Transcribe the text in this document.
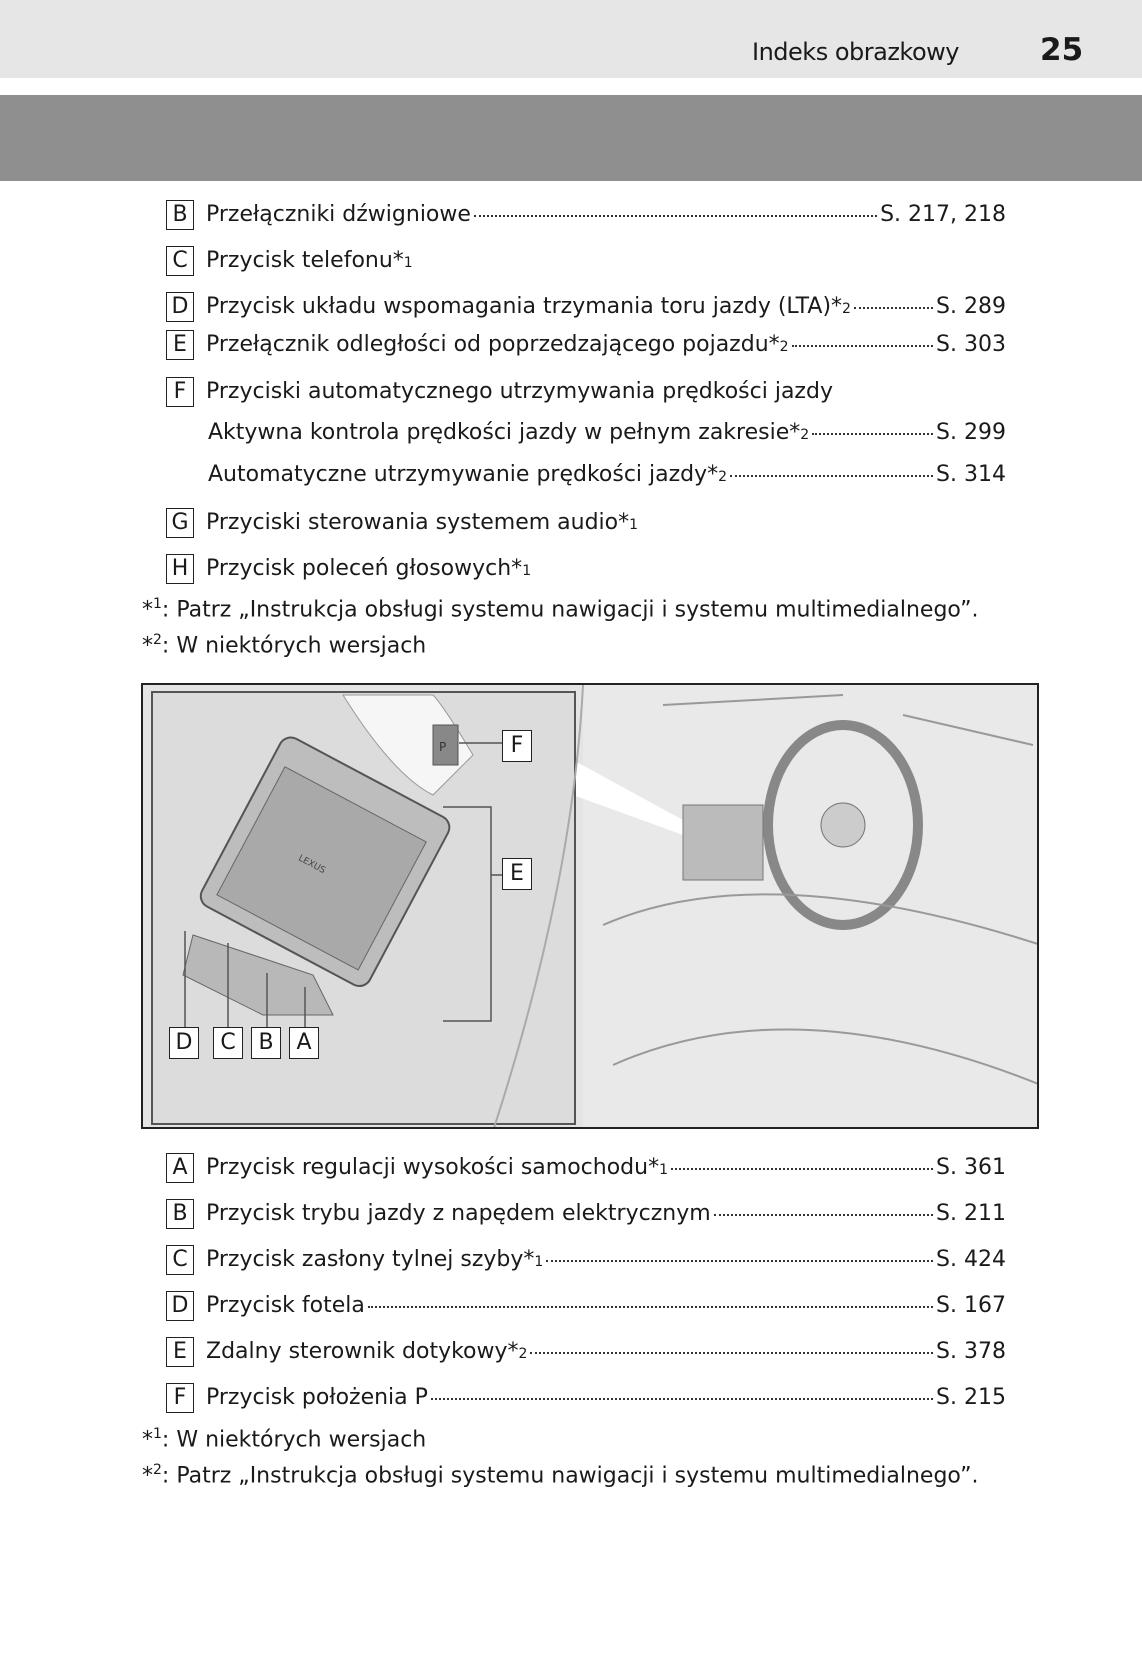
Indeks obrazkowy	25
B Przełączniki dźwigniowe	S. 217, 218
C Przycisk telefonu* 1
D Przycisk układu wspomagania trzymania toru jazdy (LTA)* 2	S. 289
E Przełącznik odległości od poprzedzającego pojazdu* 2	S. 303
F Przyciski automatycznego utrzymywania prędkości jazdy
Aktywna kontrola prędkości jazdy w pełnym zakresie* 2	S. 299
Automatyczne utrzymywanie prędkości jazdy* 2	S. 314
G Przyciski sterowania systemem audio* 1
H Przycisk poleceń głosowych* 1
*$^1$: Patrz „Instrukcja obsługi systemu nawigacji i systemu multimedialnego”.
*$^2$: W niektórych wersjach
P
LEXUS
F
E
D	C	B	A
A Przycisk regulacji wysokości samochodu* 1	S. 361
B Przycisk trybu jazdy z napędem elektrycznym	S. 211
C Przycisk zasłony tylnej szyby* 1	S. 424
D Przycisk fotela	S. 167
E Zdalny sterownik dotykowy* 2	S. 378
F Przycisk położenia P	S. 215
*$^1$: W niektórych wersjach
*$^2$: Patrz „Instrukcja obsługi systemu nawigacji i systemu multimedialnego”.
